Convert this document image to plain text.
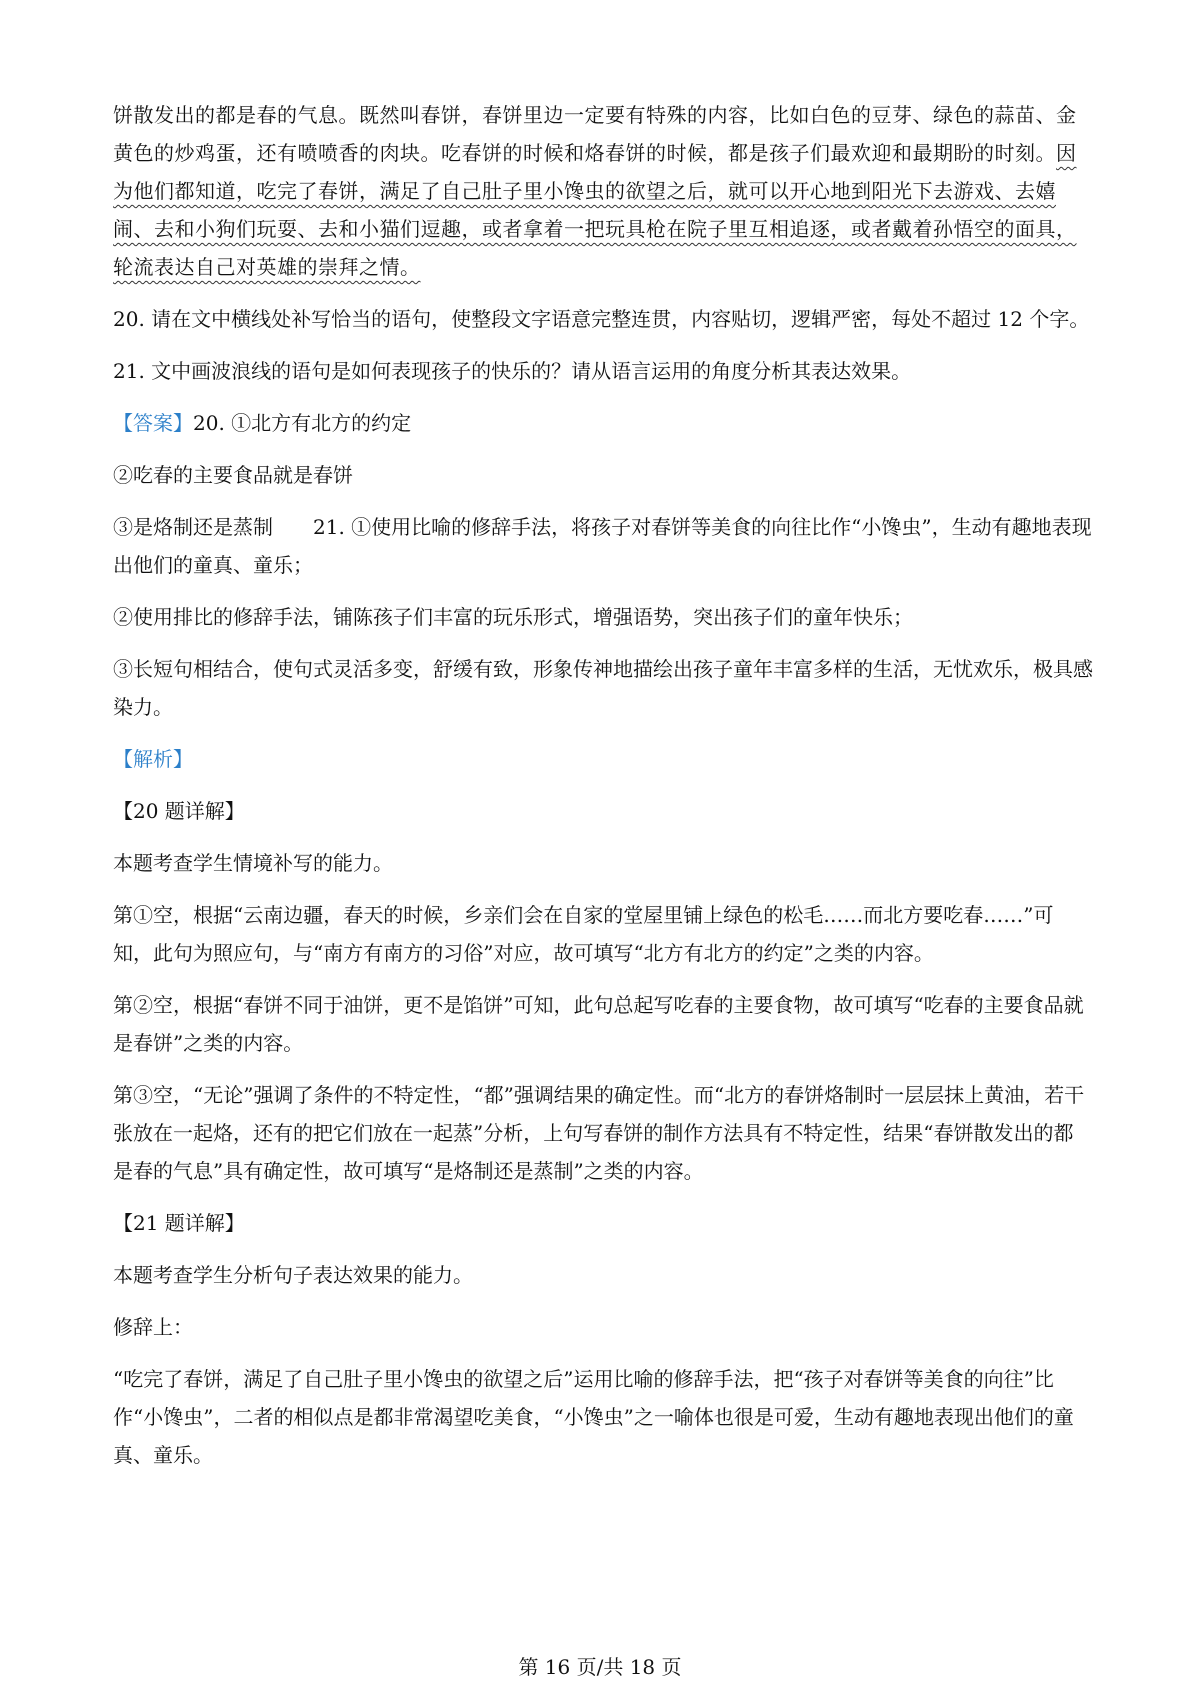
饼散发出的都是春的气息。既然叫春饼，春饼里边一定要有特殊的内容，比如白色的豆芽、绿色的蒜苗、金黄色的炒鸡蛋，还有喷喷香的肉块。吃春饼的时候和烙春饼的时候，都是孩子们最欢迎和最期盼的时刻。因为他们都知道，吃完了春饼，满足了自己肚子里小馋虫的欲望之后，就可以开心地到阳光下去游戏、去嬉闹、去和小狗们玩耍、去和小猫们逗趣，或者拿着一把玩具枪在院子里互相追逐，或者戴着孙悟空的面具，轮流表达自己对英雄的崇拜之情。

20. 请在文中横线处补写恰当的语句，使整段文字语意完整连贯，内容贴切，逻辑严密，每处不超过 12 个字。

21. 文中画波浪线的语句是如何表现孩子的快乐的？请从语言运用的角度分析其表达效果。

【答案】20. ①北方有北方的约定

②吃春的主要食品就是春饼

③是烙制还是蒸制 21. ①使用比喻的修辞手法，将孩子对春饼等美食的向往比作“小馋虫”，生动有趣地表现出他们的童真、童乐；

②使用排比的修辞手法，铺陈孩子们丰富的玩乐形式，增强语势，突出孩子们的童年快乐；

③长短句相结合，使句式灵活多变，舒缓有致，形象传神地描绘出孩子童年丰富多样的生活，无忧欢乐，极具感染力。

【解析】

【20 题详解】

本题考查学生情境补写的能力。

第①空，根据“云南边疆，春天的时候，乡亲们会在自家的堂屋里铺上绿色的松毛……而北方要吃春……”可知，此句为照应句，与“南方有南方的习俗”对应，故可填写“北方有北方的约定”之类的内容。

第②空，根据“春饼不同于油饼，更不是馅饼”可知，此句总起写吃春的主要食物，故可填写“吃春的主要食品就是春饼”之类的内容。

第③空，“无论”强调了条件的不特定性，“都”强调结果的确定性。而“北方的春饼烙制时一层层抹上黄油，若干张放在一起烙，还有的把它们放在一起蒸”分析，上句写春饼的制作方法具有不特定性，结果“春饼散发出的都是春的气息”具有确定性，故可填写“是烙制还是蒸制”之类的内容。

【21 题详解】

本题考查学生分析句子表达效果的能力。

修辞上：

“吃完了春饼，满足了自己肚子里小馋虫的欲望之后”运用比喻的修辞手法，把“孩子对春饼等美食的向往”比作“小馋虫”，二者的相似点是都非常渴望吃美食，“小馋虫”之一喻体也很是可爱，生动有趣地表现出他们的童真、童乐。

第 16 页/共 18 页
